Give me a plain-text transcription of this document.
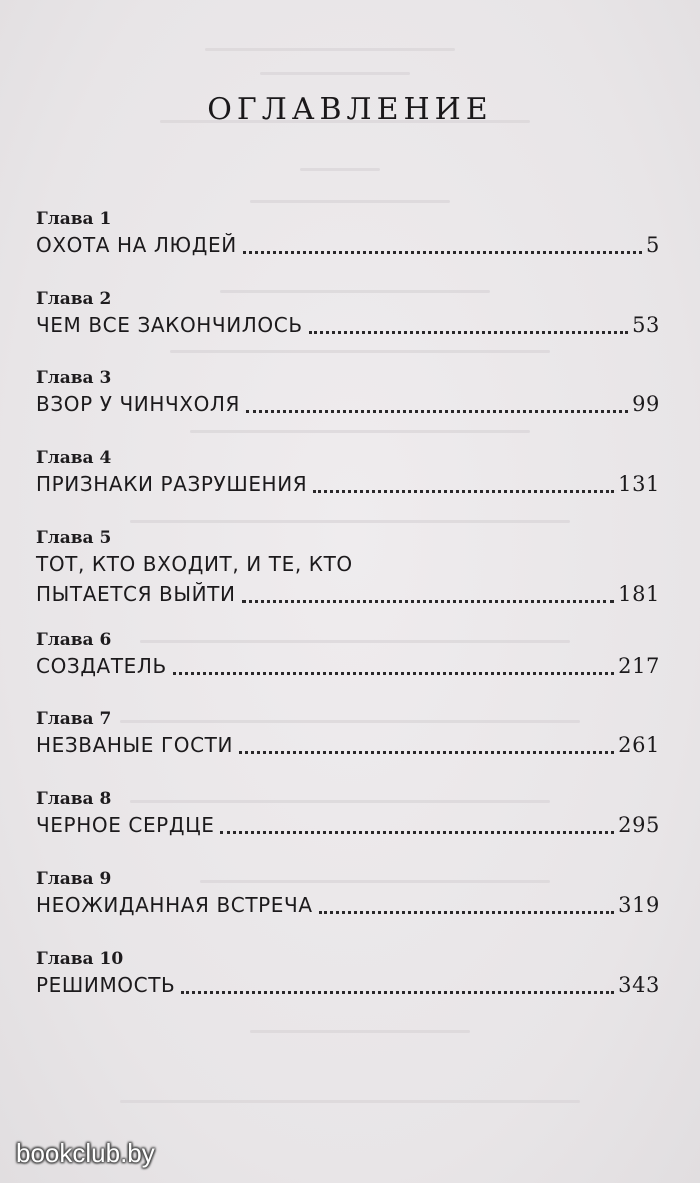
ОГЛАВЛЕНИЕ
Глава 1
ОХОТА НА ЛЮДЕЙ	5
Глава 2
ЧЕМ ВСЕ ЗАКОНЧИЛОСЬ	53
Глава 3
ВЗОР У ЧИНЧХОЛЯ	99
Глава 4
ПРИЗНАКИ РАЗРУШЕНИЯ	131
Глава 5
ТОТ, КТО ВХОДИТ, И ТЕ, КТО
ПЫТАЕТСЯ ВЫЙТИ	181
Глава 6
СОЗДАТЕЛЬ	217
Глава 7
НЕЗВАНЫЕ ГОСТИ	261
Глава 8
ЧЕРНОЕ СЕРДЦЕ	295
Глава 9
НЕОЖИДАННАЯ ВСТРЕЧА	319
Глава 10
РЕШИМОСТЬ	343
bookclub.by
